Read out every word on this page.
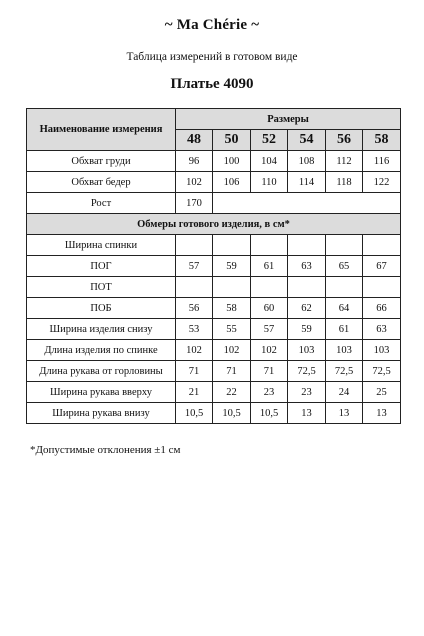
~ Ma Chérie ~
Таблица измерений в готовом виде
Платье 4090
Наименование измерения	Размеры					
	48	50	52	54	56	58
Обхват груди	96	100	104	108	112	116
Обхват бедер	102	106	110	114	118	122
Рост	170					
Обмеры готового изделия, в см*						
Ширина спинки						
ПОГ	57	59	61	63	65	67
ПОТ						
ПОБ	56	58	60	62	64	66
Ширина изделия снизу	53	55	57	59	61	63
Длина изделия по спинке	102	102	102	103	103	103
Длина рукава от горловины	71	71	71	72,5	72,5	72,5
Ширина рукава вверху	21	22	23	23	24	25
Ширина рукава внизу	10,5	10,5	10,5	13	13	13
*Допустимые отклонения ±1 см
